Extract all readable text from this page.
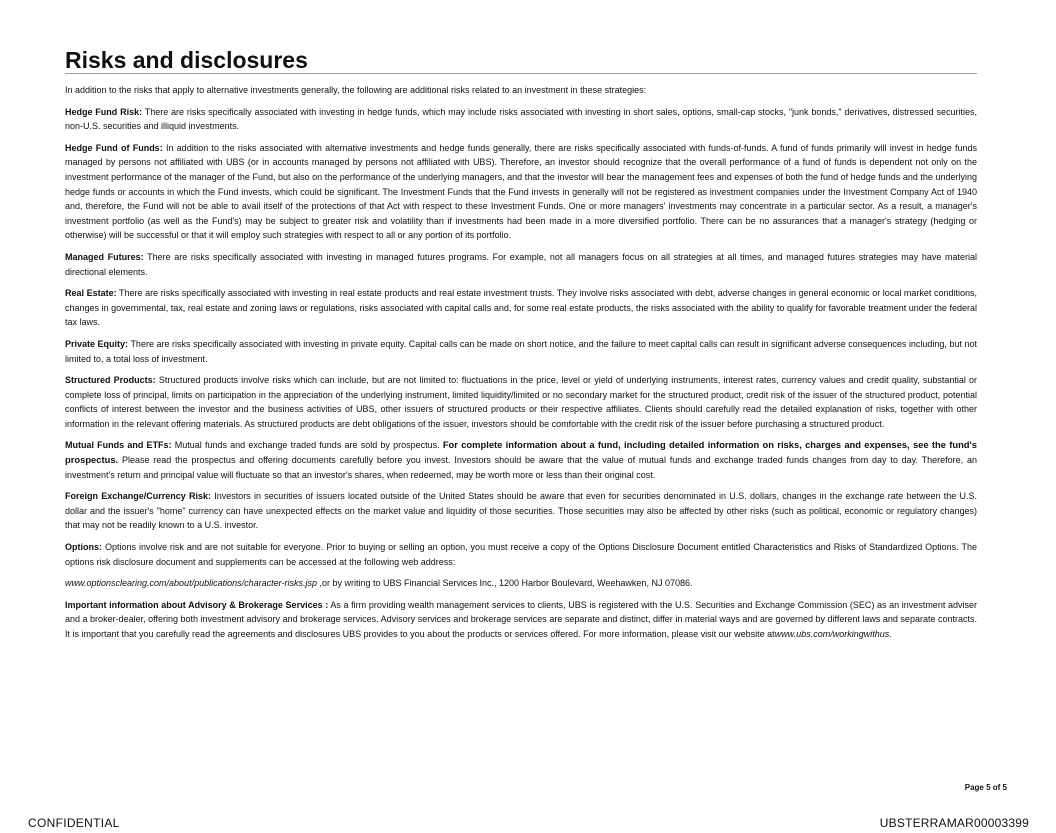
Risks and disclosures

In addition to the risks that apply to alternative investments generally, the following are additional risks related to an investment in these strategies:

Hedge Fund Risk: There are risks specifically associated with investing in hedge funds, which may include risks associated with investing in short sales, options, small-cap stocks, "junk bonds," derivatives, distressed securities, non-U.S. securities and illiquid investments.

Hedge Fund of Funds: In addition to the risks associated with alternative investments and hedge funds generally, there are risks specifically associated with funds-of-funds. A fund of funds primarily will invest in hedge funds managed by persons not affiliated with UBS (or in accounts managed by persons not affiliated with UBS). Therefore, an investor should recognize that the overall performance of a fund of funds is dependent not only on the investment performance of the manager of the Fund, but also on the performance of the underlying managers, and that the investor will bear the management fees and expenses of both the fund of hedge funds and the underlying hedge funds or accounts in which the Fund invests, which could be significant. The Investment Funds that the Fund invests in generally will not be registered as investment companies under the Investment Company Act of 1940 and, therefore, the Fund will not be able to avail itself of the protections of that Act with respect to these Investment Funds. One or more managers' investments may concentrate in a particular sector. As a result, a manager's investment portfolio (as well as the Fund's) may be subject to greater risk and volatility than if investments had been made in a more diversified portfolio. There can be no assurances that a manager's strategy (hedging or otherwise) will be successful or that it will employ such strategies with respect to all or any portion of its portfolio.

Managed Futures: There are risks specifically associated with investing in managed futures programs. For example, not all managers focus on all strategies at all times, and managed futures strategies may have material directional elements.

Real Estate: There are risks specifically associated with investing in real estate products and real estate investment trusts. They involve risks associated with debt, adverse changes in general economic or local market conditions, changes in governmental, tax, real estate and zoning laws or regulations, risks associated with capital calls and, for some real estate products, the risks associated with the ability to qualify for favorable treatment under the federal tax laws.

Private Equity: There are risks specifically associated with investing in private equity. Capital calls can be made on short notice, and the failure to meet capital calls can result in significant adverse consequences including, but not limited to, a total loss of investment.

Structured Products: Structured products involve risks which can include, but are not limited to: fluctuations in the price, level or yield of underlying instruments, interest rates, currency values and credit quality, substantial or complete loss of principal, limits on participation in the appreciation of the underlying instrument, limited liquidity/limited or no secondary market for the structured product, credit risk of the issuer of the structured product, potential conflicts of interest between the investor and the business activities of UBS, other issuers of structured products or their respective affiliates. Clients should carefully read the detailed explanation of risks, together with other information in the relevant offering materials. As structured products are debt obligations of the issuer, investors should be comfortable with the credit risk of the issuer before purchasing a structured product.

Mutual Funds and ETFs: Mutual funds and exchange traded funds are sold by prospectus. For complete information about a fund, including detailed information on risks, charges and expenses, see the fund's prospectus. Please read the prospectus and offering documents carefully before you invest. Investors should be aware that the value of mutual funds and exchange traded funds changes from day to day. Therefore, an investment's return and principal value will fluctuate so that an investor's shares, when redeemed, may be worth more or less than their original cost.

Foreign Exchange/Currency Risk: Investors in securities of issuers located outside of the United States should be aware that even for securities denominated in U.S. dollars, changes in the exchange rate between the U.S. dollar and the issuer's "home" currency can have unexpected effects on the market value and liquidity of those securities. Those securities may also be affected by other risks (such as political, economic or regulatory changes) that may not be readily known to a U.S. investor.

Options: Options involve risk and are not suitable for everyone. Prior to buying or selling an option, you must receive a copy of the Options Disclosure Document entitled Characteristics and Risks of Standardized Options. The options risk disclosure document and supplements can be accessed at the following web address:

www.optionsclearing.com/about/publications/character-risks.jsp ,or by writing to UBS Financial Services Inc., 1200 Harbor Boulevard, Weehawken, NJ 07086.

Important information about Advisory & Brokerage Services : As a firm providing wealth management services to clients, UBS is registered with the U.S. Securities and Exchange Commission (SEC) as an investment adviser and a broker-dealer, offering both investment advisory and brokerage services. Advisory services and brokerage services are separate and distinct, differ in material ways and are governed by different laws and separate contracts. It is important that you carefully read the agreements and disclosures UBS provides to you about the products or services offered. For more information, please visit our website atwww.ubs.com/workingwithus.

Page 5 of 5
CONFIDENTIAL	UBSTERRAMAR00003399
